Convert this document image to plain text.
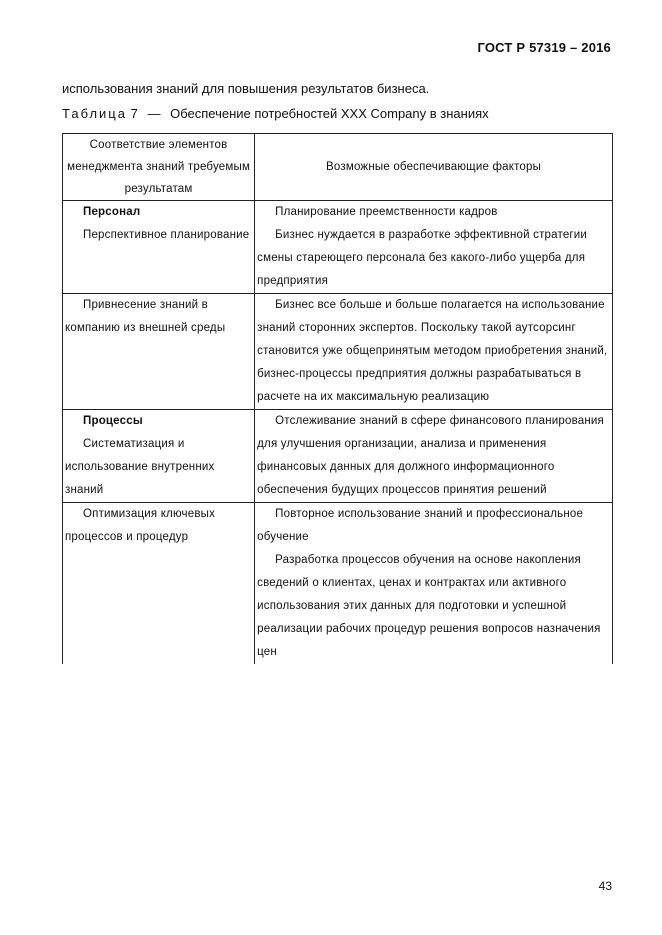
ГОСТ Р 57319 – 2016
использования знаний для повышения результатов бизнеса.
Таблица 7 — Обеспечение потребностей XXX Company в знаниях
Соответствие элементов менеджмента знаний требуемым результатам	Возможные обеспечивающие факторы

Персонал
Перспективное планирование	Планирование преемственности кадров
Бизнес нуждается в разработке эффективной стратегии смены стареющего персонала без какого-либо ущерба для предприятия

Привнесение знаний в компанию из внешней среды	Бизнес все больше и больше полагается на использование знаний сторонних экспертов. Поскольку такой аутсорсинг становится уже общепринятым методом приобретения знаний, бизнес-процессы предприятия должны разрабатываться в расчете на их максимальную реализацию

Процессы
Систематизация и использование внутренних знаний	Отслеживание знаний в сфере финансового планирования для улучшения организации, анализа и применения финансовых данных для должного информационного обеспечения будущих процессов принятия решений

Оптимизация ключевых процессов и процедур	Повторное использование знаний и профессиональное обучение
Разработка процессов обучения на основе накопления сведений о клиентах, ценах и контрактах или активного использования этих данных для подготовки и успешной реализации рабочих процедур решения вопросов назначения цен
43
